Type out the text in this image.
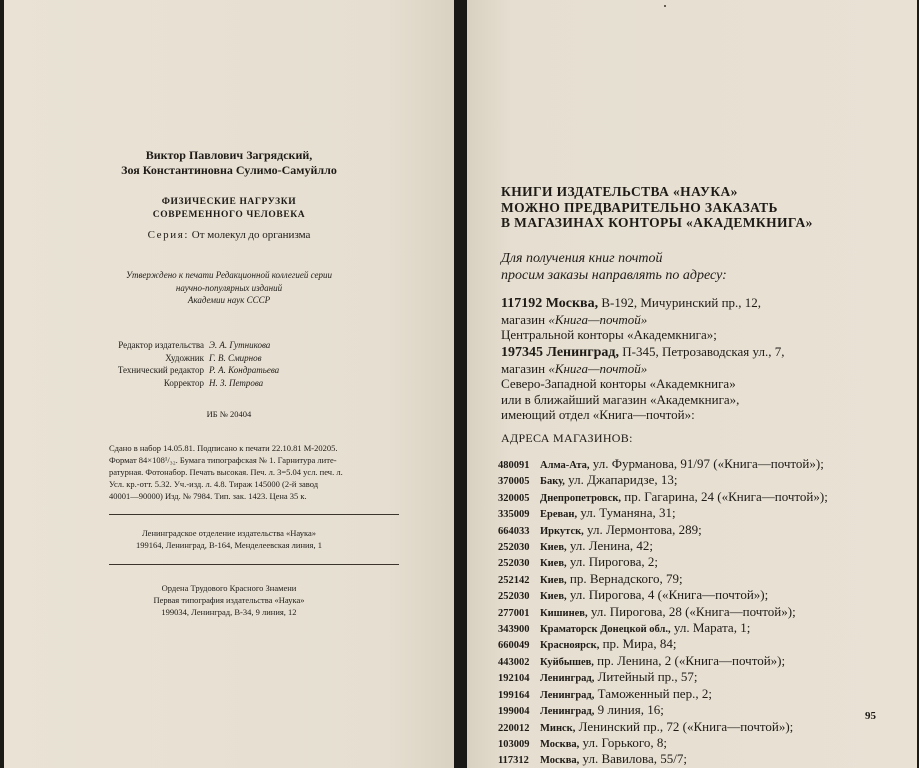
Виктор Павлович Загрядский,
Зоя Константиновна Сулимо-Самуйлло
ФИЗИЧЕСКИЕ НАГРУЗКИ
СОВРЕМЕННОГО ЧЕЛОВЕКА
Серия: От молекул до организма
Утверждено к печати Редакционной коллегией серии
научно-популярных изданий
Академии наук СССР
Редактор издательства Э. А. Гутникова
Художник Г. В. Смирнов
Технический редактор Р. А. Кондратьева
Корректор Н. З. Петрова
ИБ № 20404
Сдано в набор 14.05.81. Подписано к печати 22.10.81 М-20205.
Формат 84×108¹/₃₂. Бумага типографская № 1. Гарнитура лите-
ратурная. Фотонабор. Печать высокая. Печ. л. 3=5.04 усл. печ. л.
Усл. кр.-отт. 5.32. Уч.-изд. л. 4.8. Тираж 145000 (2-й завод
40001—90000) Изд. № 7984. Тип. зак. 1423. Цена 35 к.
Ленинградское отделение издательства «Наука»
199164, Ленинград, В-164, Менделеевская линия, 1
Ордена Трудового Красного Знамени
Первая типография издательства «Наука»
199034, Ленинград, В-34, 9 линия, 12
КНИГИ ИЗДАТЕЛЬСТВА «НАУКА»
МОЖНО ПРЕДВАРИТЕЛЬНО ЗАКАЗАТЬ
В МАГАЗИНАХ КОНТОРЫ «АКАДЕМКНИГА»
Для получения книг почтой
просим заказы направлять по адресу:
117192 Москва, В-192, Мичуринский пр., 12,
магазин «Книга—почтой»
Центральной конторы «Академкнига»;
197345 Ленинград, П-345, Петрозаводская ул., 7,
магазин «Книга—почтой»
Северо-Западной конторы «Академкнига»
или в ближайший магазин «Академкнига»,
имеющий отдел «Книга—почтой»:
АДРЕСА МАГАЗИНОВ:
480091 Алма-Ата, ул. Фурманова, 91/97 («Книга—почтой»);
370005 Баку, ул. Джапаридзе, 13;
320005 Днепропетровск, пр. Гагарина, 24 («Книга—почтой»);
335009 Ереван, ул. Туманяна, 31;
664033 Иркутск, ул. Лермонтова, 289;
252030 Киев, ул. Ленина, 42;
252030 Киев, ул. Пирогова, 2;
252142 Киев, пр. Вернадского, 79;
252030 Киев, ул. Пирогова, 4 («Книга—почтой»);
277001 Кишинев, ул. Пирогова, 28 («Книга—почтой»);
343900 Краматорск Донецкой обл., ул. Марата, 1;
660049 Красноярск, пр. Мира, 84;
443002 Куйбышев, пр. Ленина, 2 («Книга—почтой»);
192104 Ленинград, Литейный пр., 57;
199164 Ленинград, Таможенный пер., 2;
199004 Ленинград, 9 линия, 16;
220012 Минск, Ленинский пр., 72 («Книга—почтой»);
103009 Москва, ул. Горького, 8;
117312 Москва, ул. Вавилова, 55/7;
95
